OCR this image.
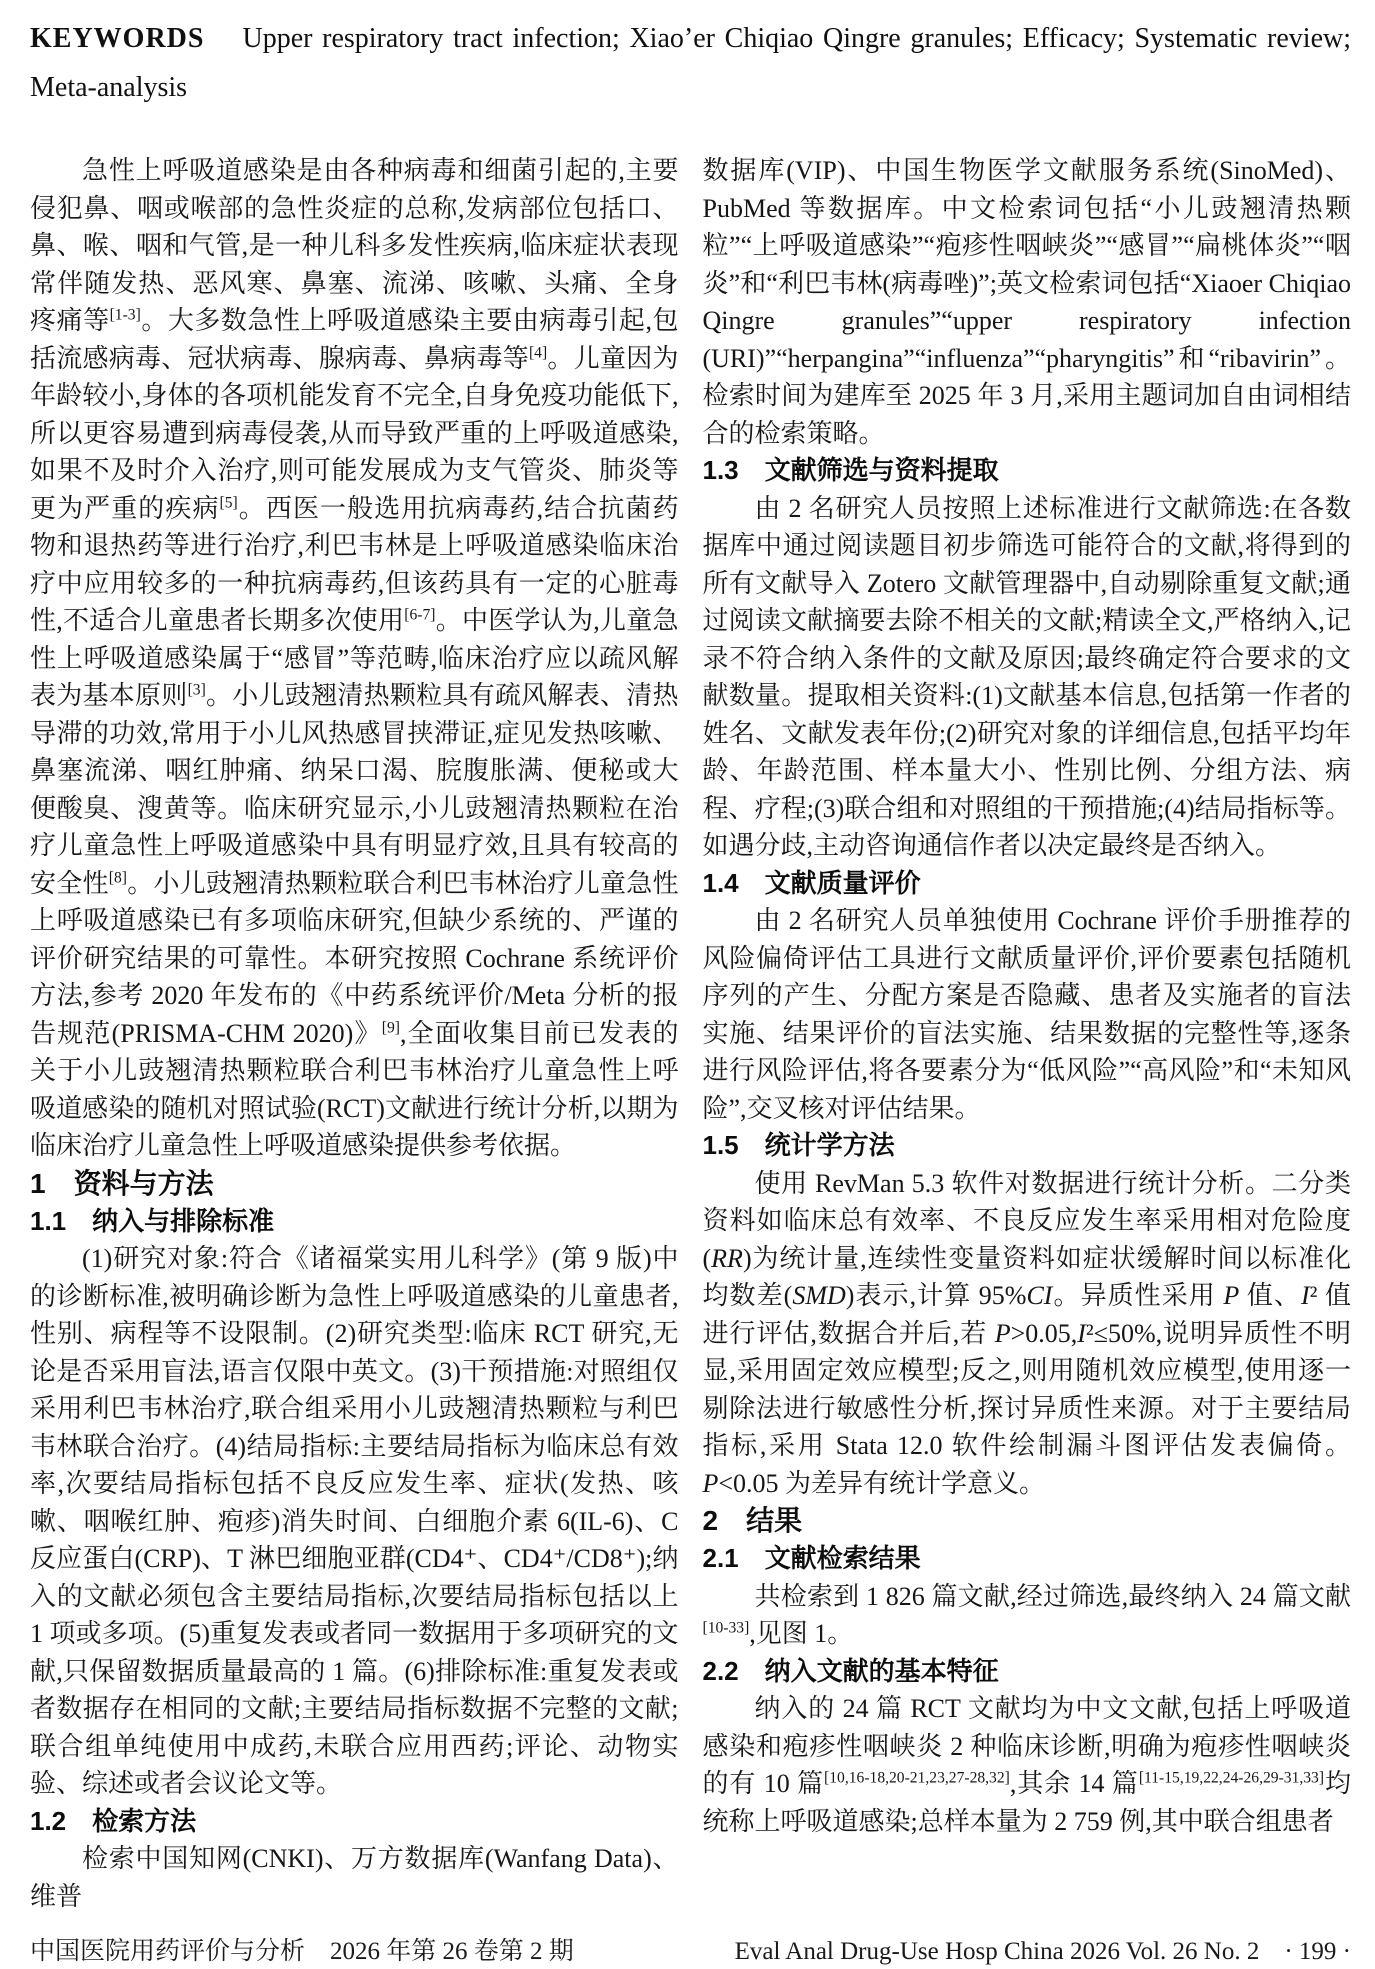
KEYWORDS Upper respiratory tract infection; Xiao’er Chiqiao Qingre granules; Efficacy; Systematic review; Meta-analysis

急性上呼吸道感染是由各种病毒和细菌引起的,主要侵犯鼻、咽或喉部的急性炎症的总称,发病部位包括口、鼻、喉、咽和气管,是一种儿科多发性疾病,临床症状表现常伴随发热、恶风寒、鼻塞、流涕、咳嗽、头痛、全身疼痛等[1-3]。大多数急性上呼吸道感染主要由病毒引起,包括流感病毒、冠状病毒、腺病毒、鼻病毒等[4]。儿童因为年龄较小,身体的各项机能发育不完全,自身免疫功能低下,所以更容易遭到病毒侵袭,从而导致严重的上呼吸道感染,如果不及时介入治疗,则可能发展成为支气管炎、肺炎等更为严重的疾病[5]。西医一般选用抗病毒药,结合抗菌药物和退热药等进行治疗,利巴韦林是上呼吸道感染临床治疗中应用较多的一种抗病毒药,但该药具有一定的心脏毒性,不适合儿童患者长期多次使用[6-7]。中医学认为,儿童急性上呼吸道感染属于“感冒”等范畴,临床治疗应以疏风解表为基本原则[3]。小儿豉翘清热颗粒具有疏风解表、清热导滞的功效,常用于小儿风热感冒挟滞证,症见发热咳嗽、鼻塞流涕、咽红肿痛、纳呆口渴、脘腹胀满、便秘或大便酸臭、溲黄等。临床研究显示,小儿豉翘清热颗粒在治疗儿童急性上呼吸道感染中具有明显疗效,且具有较高的安全性[8]。小儿豉翘清热颗粒联合利巴韦林治疗儿童急性上呼吸道感染已有多项临床研究,但缺少系统的、严谨的评价研究结果的可靠性。本研究按照 Cochrane 系统评价方法,参考 2020 年发布的《中药系统评价/Meta 分析的报告规范(PRISMA-CHM 2020)》[9],全面收集目前已发表的关于小儿豉翘清热颗粒联合利巴韦林治疗儿童急性上呼吸道感染的随机对照试验(RCT)文献进行统计分析,以期为临床治疗儿童急性上呼吸道感染提供参考依据。

1　资料与方法
1.1　纳入与排除标准

(1)研究对象:符合《诸福棠实用儿科学》(第 9 版)中的诊断标准,被明确诊断为急性上呼吸道感染的儿童患者,性别、病程等不设限制。(2)研究类型:临床 RCT 研究,无论是否采用盲法,语言仅限中英文。(3)干预措施:对照组仅采用利巴韦林治疗,联合组采用小儿豉翘清热颗粒与利巴韦林联合治疗。(4)结局指标:主要结局指标为临床总有效率,次要结局指标包括不良反应发生率、症状(发热、咳嗽、咽喉红肿、疱疹)消失时间、白细胞介素 6(IL-6)、C 反应蛋白(CRP)、T 淋巴细胞亚群(CD4⁺、CD4⁺/CD8⁺);纳入的文献必须包含主要结局指标,次要结局指标包括以上 1 项或多项。(5)重复发表或者同一数据用于多项研究的文献,只保留数据质量最高的 1 篇。(6)排除标准:重复发表或者数据存在相同的文献;主要结局指标数据不完整的文献;联合组单纯使用中成药,未联合应用西药;评论、动物实验、综述或者会议论文等。

1.2　检索方法

检索中国知网(CNKI)、万方数据库(Wanfang Data)、维普

数据库(VIP)、中国生物医学文献服务系统(SinoMed)、PubMed 等数据库。中文检索词包括“小儿豉翘清热颗粒”“上呼吸道感染”“疱疹性咽峡炎”“感冒”“扁桃体炎”“咽炎”和“利巴韦林(病毒唑)”;英文检索词包括“Xiaoer Chiqiao Qingre granules”“upper respiratory infection (URI)”“herpangina”“influenza”“pharyngitis”和“ribavirin”。检索时间为建库至 2025 年 3 月,采用主题词加自由词相结合的检索策略。

1.3　文献筛选与资料提取

由 2 名研究人员按照上述标准进行文献筛选:在各数据库中通过阅读题目初步筛选可能符合的文献,将得到的所有文献导入 Zotero 文献管理器中,自动剔除重复文献;通过阅读文献摘要去除不相关的文献;精读全文,严格纳入,记录不符合纳入条件的文献及原因;最终确定符合要求的文献数量。提取相关资料:(1)文献基本信息,包括第一作者的姓名、文献发表年份;(2)研究对象的详细信息,包括平均年龄、年龄范围、样本量大小、性别比例、分组方法、病程、疗程;(3)联合组和对照组的干预措施;(4)结局指标等。如遇分歧,主动咨询通信作者以决定最终是否纳入。

1.4　文献质量评价

由 2 名研究人员单独使用 Cochrane 评价手册推荐的风险偏倚评估工具进行文献质量评价,评价要素包括随机序列的产生、分配方案是否隐藏、患者及实施者的盲法实施、结果评价的盲法实施、结果数据的完整性等,逐条进行风险评估,将各要素分为“低风险”“高风险”和“未知风险”,交叉核对评估结果。

1.5　统计学方法

使用 RevMan 5.3 软件对数据进行统计分析。二分类资料如临床总有效率、不良反应发生率采用相对危险度(RR)为统计量,连续性变量资料如症状缓解时间以标准化均数差(SMD)表示,计算 95%CI。异质性采用 P 值、I² 值进行评估,数据合并后,若 P>0.05,I²≤50%,说明异质性不明显,采用固定效应模型;反之,则用随机效应模型,使用逐一剔除法进行敏感性分析,探讨异质性来源。对于主要结局指标,采用 Stata 12.0 软件绘制漏斗图评估发表偏倚。P<0.05 为差异有统计学意义。

2　结果
2.1　文献检索结果

共检索到 1 826 篇文献,经过筛选,最终纳入 24 篇文献[10-33],见图 1。

2.2　纳入文献的基本特征

纳入的 24 篇 RCT 文献均为中文文献,包括上呼吸道感染和疱疹性咽峡炎 2 种临床诊断,明确为疱疹性咽峡炎的有 10 篇[10,16-18,20-21,23,27-28,32],其余 14 篇[11-15,19,22,24-26,29-31,33]均统称上呼吸道感染;总样本量为 2 759 例,其中联合组患者

中国医院用药评价与分析　2026 年第 26 卷第 2 期	Eval Anal Drug-Use Hosp China 2026 Vol. 26 No. 2　· 199 ·
